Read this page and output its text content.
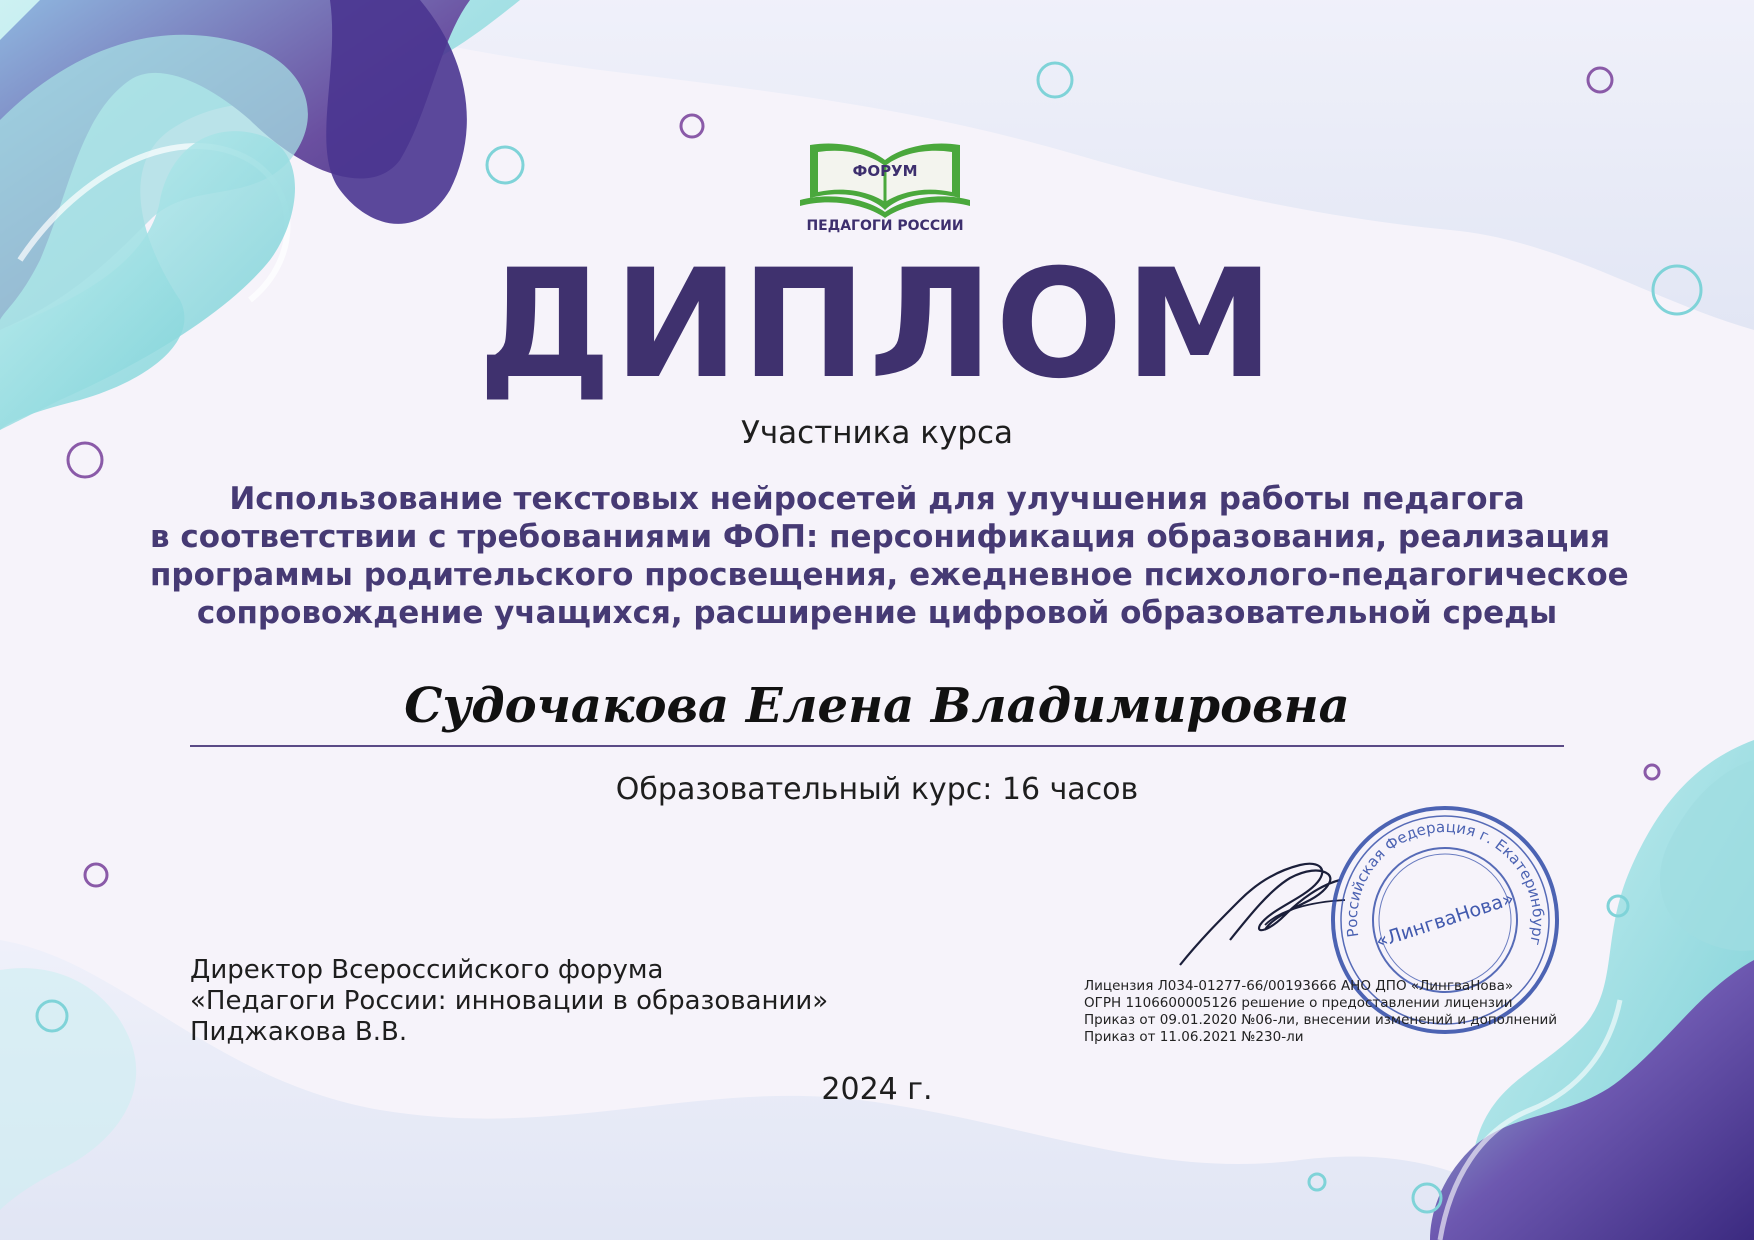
ФОРУМ
ПЕДАГОГИ РОССИИ
ДИПЛОМ
Участника курса
Использование текстовых нейросетей для улучшения работы педагога
в соответствии с требованиями ФОП: персонификация образования, реализация
программы родительского просвещения, ежедневное психолого-педагогическое
сопровождение учащихся, расширение цифровой образовательной среды
Судочакова Елена Владимировна
Образовательный курс: 16 часов
Директор Всероссийского форума
«Педагоги России: инновации в образовании»
Пиджакова В.В.
Российская Федерация г. Екатеринбург
«ЛингваНова»
Лицензия Л034-01277-66/00193666 АНО ДПО «ЛингваНова»
ОГРН 1106600005126 решение о предоставлении лицензии
Приказ от 09.01.2020 №06-ли, внесении изменений и дополнений
Приказ от 11.06.2021 №230-ли
2024 г.
